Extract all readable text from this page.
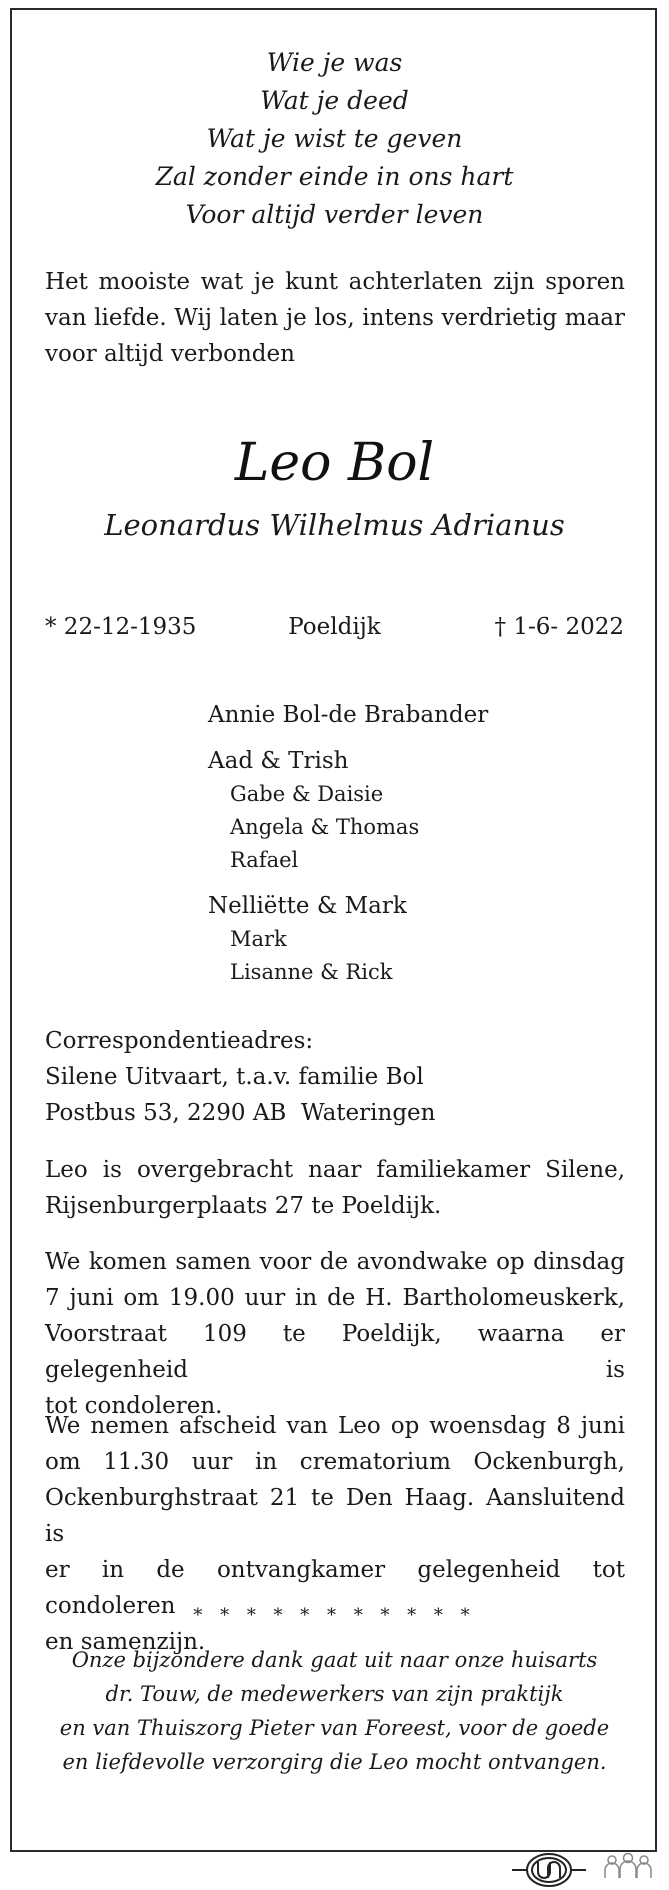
Wie je was
Wat je deed
Wat je wist te geven
Zal zonder einde in ons hart
Voor altijd verder leven
Het mooiste wat je kunt achterlaten zijn sporen
van liefde. Wij laten je los, intens verdrietig maar
voor altijd verbonden
Leo Bol
Leonardus Wilhelmus Adrianus
* 22-12-1935	Poeldijk	† 1-6- 2022
Annie Bol-de Brabander
Aad & Trish
Gabe & Daisie
Angela & Thomas
Rafael
Nelliëtte & Mark
Mark
Lisanne & Rick
Correspondentieadres:
Silene Uitvaart, t.a.v. familie Bol
Postbus 53, 2290 AB  Wateringen
Leo is overgebracht naar familiekamer Silene,
Rijsenburgerplaats 27 te Poeldijk.
We komen samen voor de avondwake op dinsdag
7 juni om 19.00 uur in de H. Bartholomeuskerk,
Voorstraat 109 te Poeldijk, waarna er gelegenheid is
tot condoleren.
We nemen afscheid van Leo op woensdag 8 juni
om 11.30 uur in crematorium Ockenburgh,
Ockenburghstraat 21 te Den Haag. Aansluitend is
er in de ontvangkamer gelegenheid tot condoleren
en samenzijn.
* * * * * * * * * * *
Onze bijzondere dank gaat uit naar onze huisarts
dr. Touw, de medewerkers van zijn praktijk
en van Thuiszorg Pieter van Foreest, voor de goede
en liefdevolle verzorgirg die Leo mocht ontvangen.
